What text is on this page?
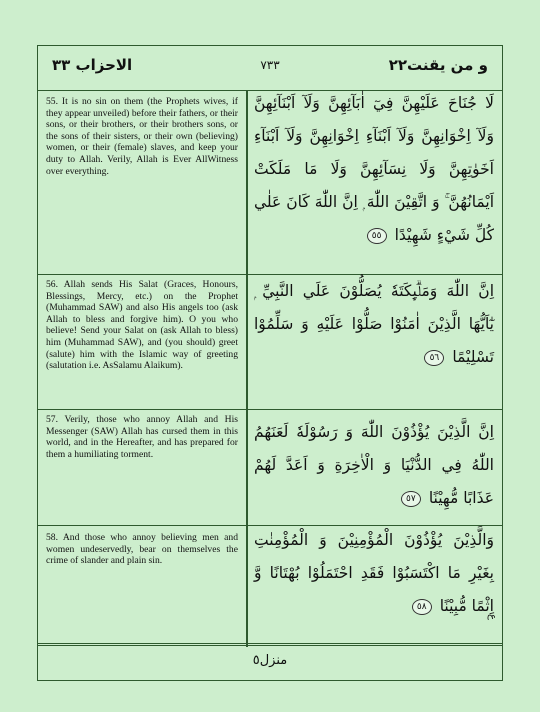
الاحزاب ٣٣	٧٣٣	و من يقنت٢٢
55. It is no sin on them (the Prophets wives, if they appear unveiled) before their fathers, or their sons, or their brothers, or their brothers sons, or the sons of their sisters, or their own (believing) women, or their (female) slaves, and keep your duty to Allah. Verily, Allah is Ever AllWitness over everything.
لَا جُنَاحَ عَلَيْهِنَّ فِيٓ اٰبَآئِهِنَّ وَلَآ اَبْنَآئِهِنَّ وَلَآ اِخْوَانِهِنَّ وَلَآ اَبْنَآءِ اِخْوَانِهِنَّ وَلَآ اَبْنَآءِ اَخَوٰتِهِنَّ وَلَا نِسَآئِهِنَّ وَلَا مَا مَلَكَتْ اَيْمَانُهُنَّ ۚ وَ اتَّقِيْنَ اللّٰهَ ۭ اِنَّ اللّٰهَ كَانَ عَلٰي كُلِّ شَيْءٍ شَهِيْدًا ٥٥
56. Allah sends His Salat (Graces, Honours, Blessings, Mercy, etc.) on the Prophet (Muhammad SAW) and also His angels too (ask Allah to bless and forgive him). O you who believe! Send your Salat on (ask Allah to bless) him (Muhammad SAW), and (you should) greet (salute) him with the Islamic way of greeting (salutation i.e. AsSalamu Alaikum).
اِنَّ اللّٰهَ وَمَلٰۗىِٕكَتَهٗ يُصَلُّوْنَ عَلَي النَّبِيِّ ۭ يٰٓاَيُّهَا الَّذِيْنَ اٰمَنُوْا صَلُّوْا عَلَيْهِ وَ سَلِّمُوْا تَسْلِيْمًا ٥٦
57. Verily, those who annoy Allah and His Messenger (SAW) Allah has cursed them in this world, and in the Hereafter, and has prepared for them a humiliating torment.
اِنَّ الَّذِيْنَ يُؤْذُوْنَ اللّٰهَ وَ رَسُوْلَهٗ لَعَنَهُمُ اللّٰهُ فِي الدُّنْيَا وَ الْاٰخِرَةِ وَ اَعَدَّ لَهُمْ عَذَابًا مُّهِيْنًا ٥٧
58. And those who annoy believing men and women undeservedly, bear on themselves the crime of slander and plain sin.
وَالَّذِيْنَ يُؤْذُوْنَ الْمُؤْمِنِيْنَ وَ الْمُؤْمِنٰتِ بِغَيْرِ مَا اكْتَسَبُوْا فَقَدِ احْتَمَلُوْا بُهْتَانًا وَّ اِثْمًا مُّبِيْنًا ٥٨
ع
منزل٥
